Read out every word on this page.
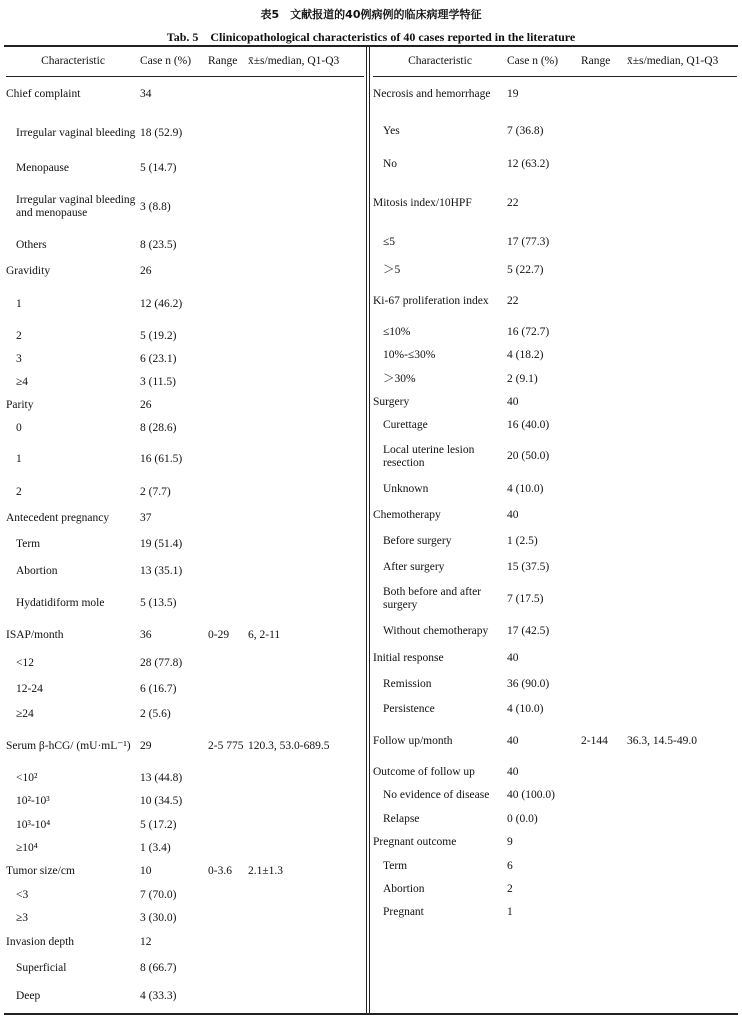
表5　文献报道的40例病例的临床病理学特征
Tab. 5　Clinicopathological characteristics of 40 cases reported in the literature
Characteristic	Case n (%)	Range	x̄±s/median, Q1-Q3
Chief complaint	34		
Irregular vaginal bleeding	18 (52.9)		
Menopause	5 (14.7)		
Irregular vaginal bleeding and menopause	3 (8.8)		
Others	8 (23.5)		
Gravidity	26		
1	12 (46.2)		
2	5 (19.2)		
3	6 (23.1)		
≥4	3 (11.5)		
Parity	26		
0	8 (28.6)		
1	16 (61.5)		
2	2 (7.7)		
Antecedent pregnancy	37		
Term	19 (51.4)		
Abortion	13 (35.1)		
Hydatidiform mole	5 (13.5)		
ISAP/month	36	0-29	6, 2-11
<12	28 (77.8)		
12-24	6 (16.7)		
≥24	2 (5.6)		
Serum β-hCG/ (mU·mL⁻¹)	29	2-5 775	120.3, 53.0-689.5
<10²	13 (44.8)		
10²-10³	10 (34.5)		
10³-10⁴	5 (17.2)		
≥10⁴	1 (3.4)		
Tumor size/cm	10	0-3.6	2.1±1.3
<3	7 (70.0)		
≥3	3 (30.0)		
Invasion depth	12		
Superficial	8 (66.7)		
Deep	4 (33.3)		
Characteristic	Case n (%)	Range	x̄±s/median, Q1-Q3
Necrosis and hemorrhage	19		
Yes	7 (36.8)		
No	12 (63.2)		
Mitosis index/10HPF	22		
≤5	17 (77.3)		
＞5	5 (22.7)		
Ki-67 proliferation index	22		
≤10%	16 (72.7)		
10%-≤30%	4 (18.2)		
＞30%	2 (9.1)		
Surgery	40		
Curettage	16 (40.0)		
Local uterine lesion resection	20 (50.0)		
Unknown	4 (10.0)		
Chemotherapy	40		
Before surgery	1 (2.5)		
After surgery	15 (37.5)		
Both before and after surgery	7 (17.5)		
Without chemotherapy	17 (42.5)		
Initial response	40		
Remission	36 (90.0)		
Persistence	4 (10.0)		
Follow up/month	40	2-144	36.3, 14.5-49.0
Outcome of follow up	40		
No evidence of disease	40 (100.0)		
Relapse	0 (0.0)		
Pregnant outcome	9		
Term	6		
Abortion	2		
Pregnant	1		
